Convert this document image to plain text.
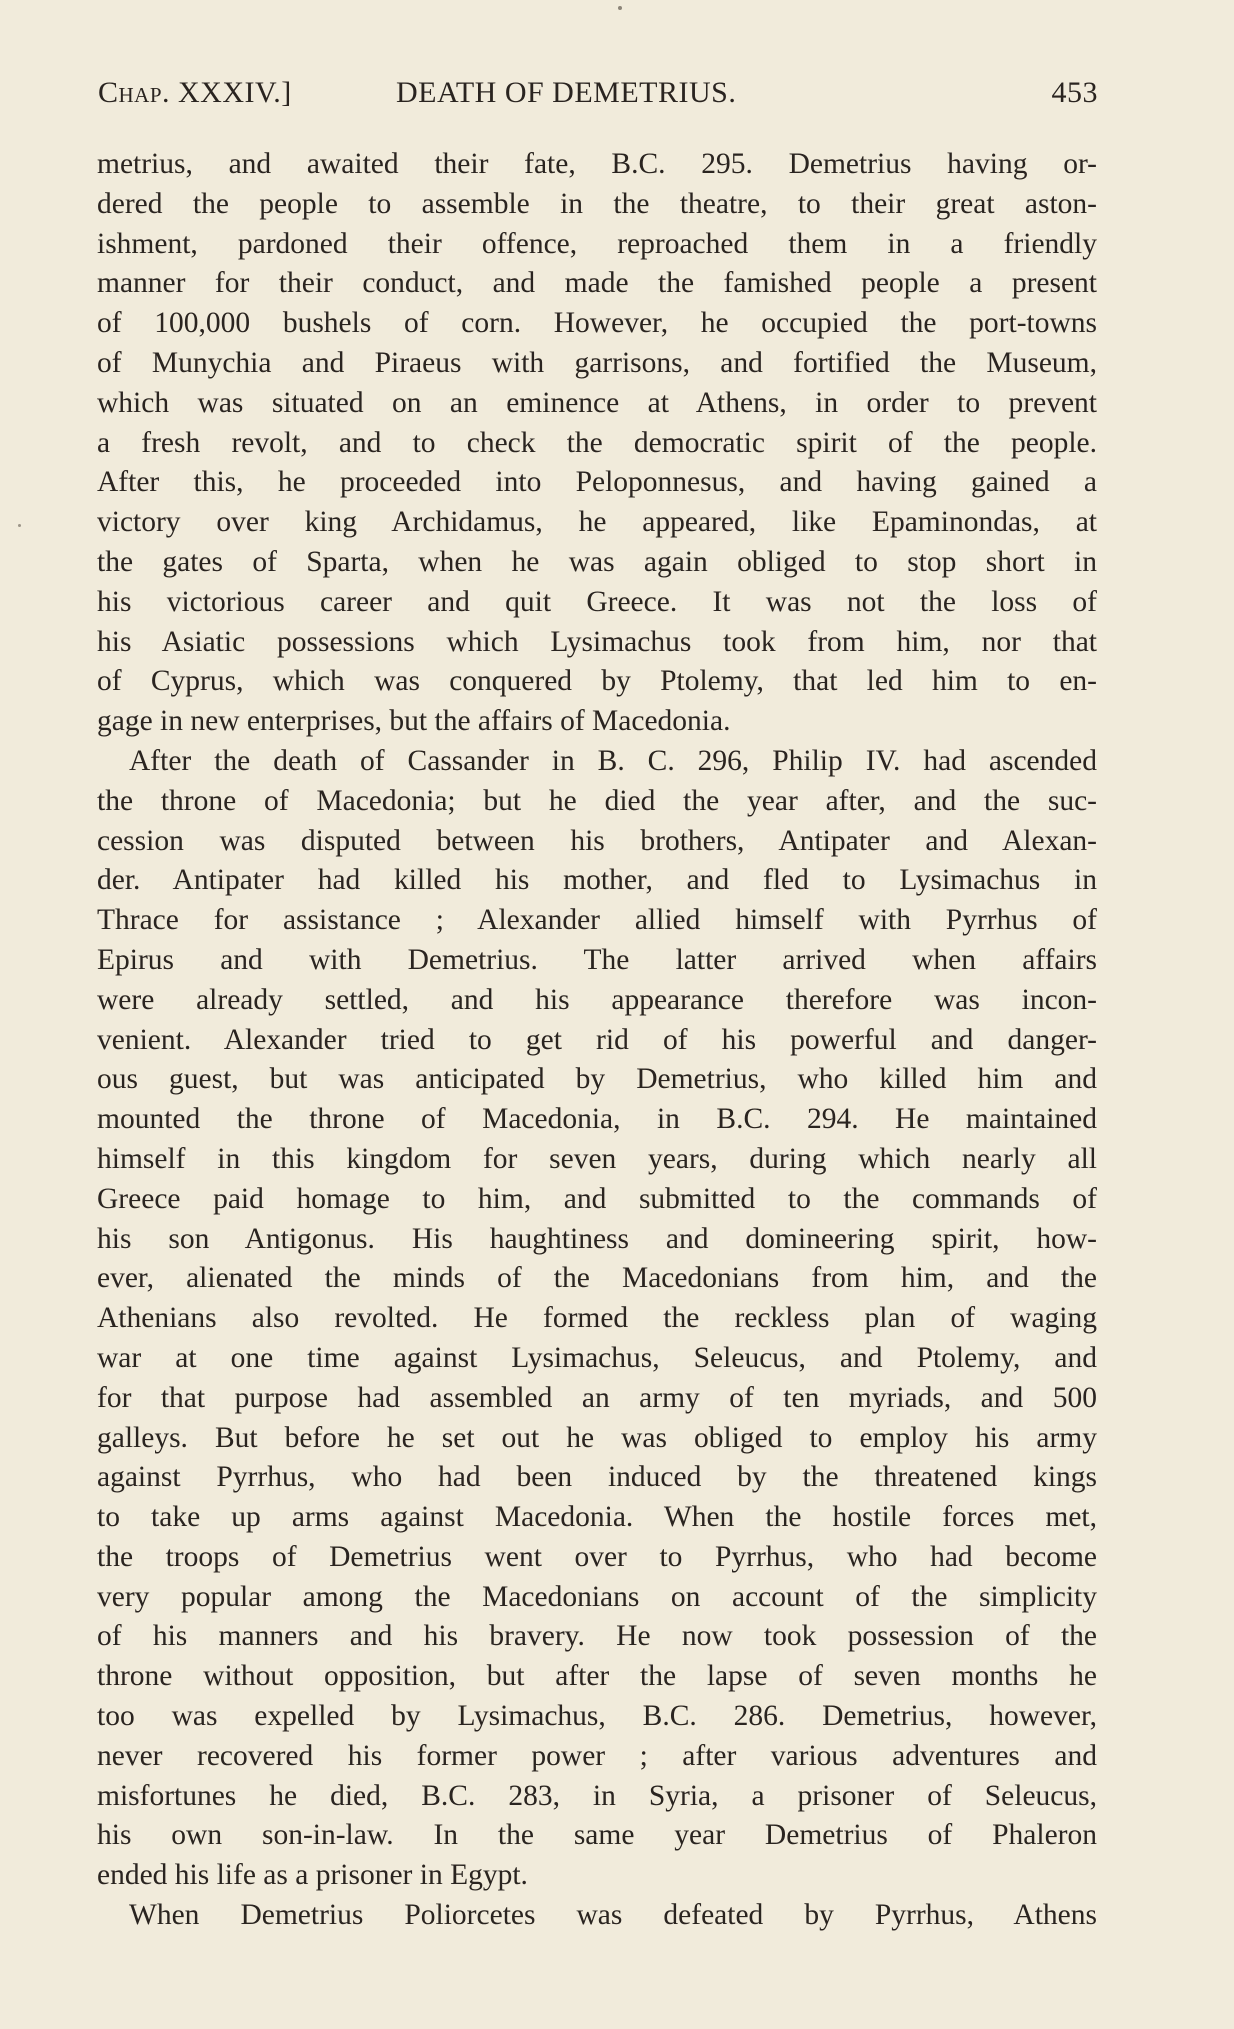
Chap. XXXIV.]	DEATH OF DEMETRIUS.	453
metrius, and awaited their fate, B.C. 295. Demetrius having or-
dered the people to assemble in the theatre, to their great aston-
ishment, pardoned their offence, reproached them in a friendly
manner for their conduct, and made the famished people a present
of 100,000 bushels of corn. However, he occupied the port-towns
of Munychia and Piraeus with garrisons, and fortified the Museum,
which was situated on an eminence at Athens, in order to prevent
a fresh revolt, and to check the democratic spirit of the people.
After this, he proceeded into Peloponnesus, and having gained a
victory over king Archidamus, he appeared, like Epaminondas, at
the gates of Sparta, when he was again obliged to stop short in
his victorious career and quit Greece. It was not the loss of
his Asiatic possessions which Lysimachus took from him, nor that
of Cyprus, which was conquered by Ptolemy, that led him to en-
gage in new enterprises, but the affairs of Macedonia.
After the death of Cassander in B. C. 296, Philip IV. had ascended
the throne of Macedonia; but he died the year after, and the suc-
cession was disputed between his brothers, Antipater and Alexan-
der. Antipater had killed his mother, and fled to Lysimachus in
Thrace for assistance ; Alexander allied himself with Pyrrhus of
Epirus and with Demetrius. The latter arrived when affairs
were already settled, and his appearance therefore was incon-
venient. Alexander tried to get rid of his powerful and danger-
ous guest, but was anticipated by Demetrius, who killed him and
mounted the throne of Macedonia, in B.C. 294. He maintained
himself in this kingdom for seven years, during which nearly all
Greece paid homage to him, and submitted to the commands of
his son Antigonus. His haughtiness and domineering spirit, how-
ever, alienated the minds of the Macedonians from him, and the
Athenians also revolted. He formed the reckless plan of waging
war at one time against Lysimachus, Seleucus, and Ptolemy, and
for that purpose had assembled an army of ten myriads, and 500
galleys. But before he set out he was obliged to employ his army
against Pyrrhus, who had been induced by the threatened kings
to take up arms against Macedonia. When the hostile forces met,
the troops of Demetrius went over to Pyrrhus, who had become
very popular among the Macedonians on account of the simplicity
of his manners and his bravery. He now took possession of the
throne without opposition, but after the lapse of seven months he
too was expelled by Lysimachus, B.C. 286. Demetrius, however,
never recovered his former power ; after various adventures and
misfortunes he died, B.C. 283, in Syria, a prisoner of Seleucus,
his own son-in-law. In the same year Demetrius of Phaleron
ended his life as a prisoner in Egypt.
When Demetrius Poliorcetes was defeated by Pyrrhus, Athens
